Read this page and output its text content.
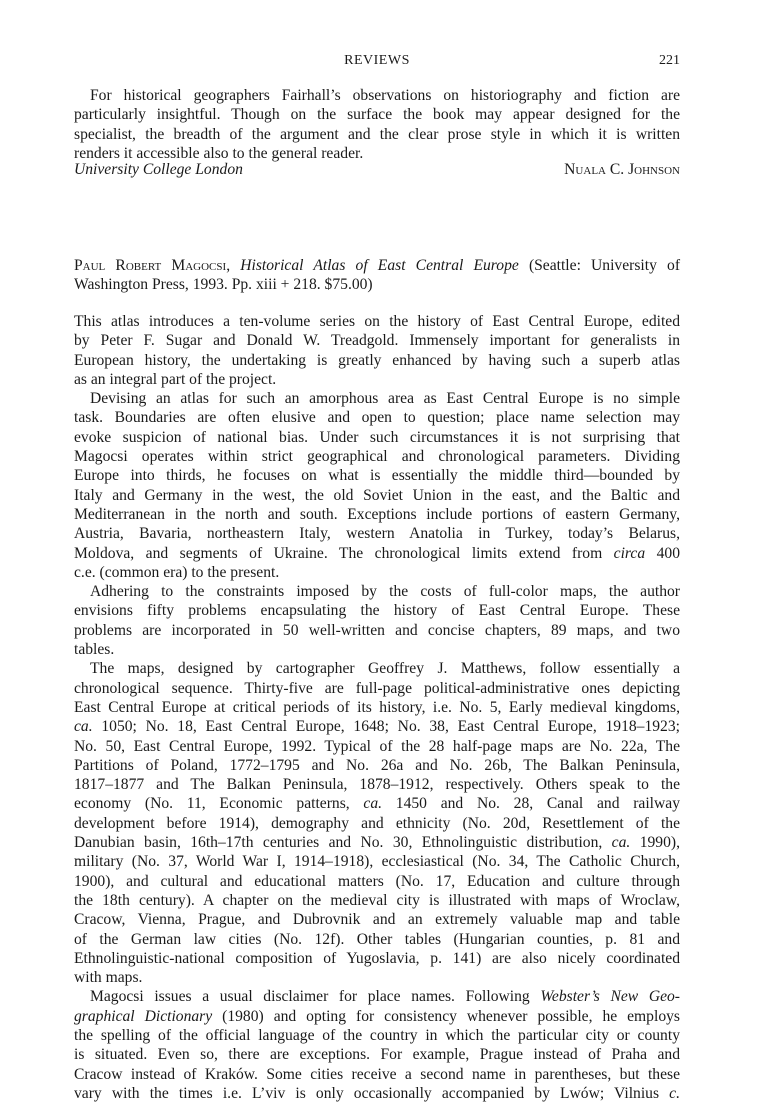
REVIEWS	221
For historical geographers Fairhall’s observations on historiography and fiction are
particularly insightful. Though on the surface the book may appear designed for the
specialist, the breadth of the argument and the clear prose style in which it is written
renders it accessible also to the general reader.
University College London	Nuala C. Johnson
Paul Robert Magocsi, Historical Atlas of East Central Europe (Seattle: University of
Washington Press, 1993. Pp. xiii + 218. $75.00)
This atlas introduces a ten-volume series on the history of East Central Europe, edited
by Peter F. Sugar and Donald W. Treadgold. Immensely important for generalists in
European history, the undertaking is greatly enhanced by having such a superb atlas
as an integral part of the project.
Devising an atlas for such an amorphous area as East Central Europe is no simple
task. Boundaries are often elusive and open to question; place name selection may
evoke suspicion of national bias. Under such circumstances it is not surprising that
Magocsi operates within strict geographical and chronological parameters. Dividing
Europe into thirds, he focuses on what is essentially the middle third—bounded by
Italy and Germany in the west, the old Soviet Union in the east, and the Baltic and
Mediterranean in the north and south. Exceptions include portions of eastern Germany,
Austria, Bavaria, northeastern Italy, western Anatolia in Turkey, today’s Belarus,
Moldova, and segments of Ukraine. The chronological limits extend from circa 400
c.e. (common era) to the present.
Adhering to the constraints imposed by the costs of full-color maps, the author
envisions fifty problems encapsulating the history of East Central Europe. These
problems are incorporated in 50 well-written and concise chapters, 89 maps, and two
tables.
The maps, designed by cartographer Geoffrey J. Matthews, follow essentially a
chronological sequence. Thirty-five are full-page political-administrative ones depicting
East Central Europe at critical periods of its history, i.e. No. 5, Early medieval kingdoms,
ca. 1050; No. 18, East Central Europe, 1648; No. 38, East Central Europe, 1918–1923;
No. 50, East Central Europe, 1992. Typical of the 28 half-page maps are No. 22a, The
Partitions of Poland, 1772–1795 and No. 26a and No. 26b, The Balkan Peninsula,
1817–1877 and The Balkan Peninsula, 1878–1912, respectively. Others speak to the
economy (No. 11, Economic patterns, ca. 1450 and No. 28, Canal and railway
development before 1914), demography and ethnicity (No. 20d, Resettlement of the
Danubian basin, 16th–17th centuries and No. 30, Ethnolinguistic distribution, ca. 1990),
military (No. 37, World War I, 1914–1918), ecclesiastical (No. 34, The Catholic Church,
1900), and cultural and educational matters (No. 17, Education and culture through
the 18th century). A chapter on the medieval city is illustrated with maps of Wroclaw,
Cracow, Vienna, Prague, and Dubrovnik and an extremely valuable map and table
of the German law cities (No. 12f). Other tables (Hungarian counties, p. 81 and
Ethnolinguistic-national composition of Yugoslavia, p. 141) are also nicely coordinated
with maps.
Magocsi issues a usual disclaimer for place names. Following Webster’s New Geo-
graphical Dictionary (1980) and opting for consistency whenever possible, he employs
the spelling of the official language of the country in which the particular city or county
is situated. Even so, there are exceptions. For example, Prague instead of Praha and
Cracow instead of Kraków. Some cities receive a second name in parentheses, but these
vary with the times i.e. L’viv is only occasionally accompanied by Lwów; Vilnius c.
